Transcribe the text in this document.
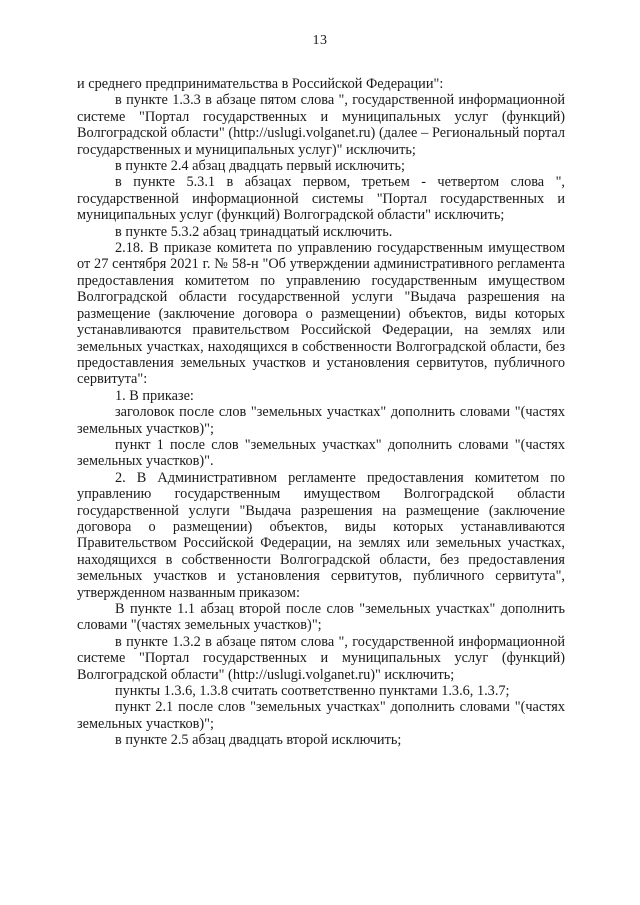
13

и среднего предпринимательства в Российской Федерации":

в пункте 1.3.3 в абзаце пятом слова ", государственной информационной системе "Портал государственных и муниципальных услуг (функций) Волгоградской области" (http://uslugi.volganet.ru) (далее – Региональный портал государственных и муниципальных услуг)" исключить;

в пункте 2.4 абзац двадцать первый исключить;

в пункте 5.3.1 в абзацах первом, третьем - четвертом слова ", государственной информационной системы "Портал государственных и муниципальных услуг (функций) Волгоградской области" исключить;

в пункте 5.3.2 абзац тринадцатый исключить.

2.18. В приказе комитета по управлению государственным имуществом от 27 сентября 2021 г. № 58-н "Об утверждении административного регламента предоставления комитетом по управлению государственным имуществом Волгоградской области государственной услуги "Выдача разрешения на размещение (заключение договора о размещении) объектов, виды которых устанавливаются правительством Российской Федерации, на землях или земельных участках, находящихся в собственности Волгоградской области, без предоставления земельных участков и установления сервитутов, публичного сервитута":

1. В приказе:

заголовок после слов "земельных участках" дополнить словами "(частях земельных участков)";

пункт 1 после слов "земельных участках" дополнить словами "(частях земельных участков)".

2. В Административном регламенте предоставления комитетом по управлению государственным имуществом Волгоградской области государственной услуги "Выдача разрешения на размещение (заключение договора о размещении) объектов, виды которых устанавливаются Правительством Российской Федерации, на землях или земельных участках, находящихся в собственности Волгоградской области, без предоставления земельных участков и установления сервитутов, публичного сервитута", утвержденном названным приказом:

В пункте 1.1 абзац второй после слов "земельных участках" дополнить словами "(частях земельных участков)";

в пункте 1.3.2 в абзаце пятом слова ", государственной информационной системе "Портал государственных и муниципальных услуг (функций) Волгоградской области" (http://uslugi.volganet.ru)" исключить;

пункты 1.3.6, 1.3.8 считать соответственно пунктами 1.3.6, 1.3.7;

пункт 2.1 после слов "земельных участках" дополнить словами "(частях земельных участков)";

в пункте 2.5 абзац двадцать второй исключить;
